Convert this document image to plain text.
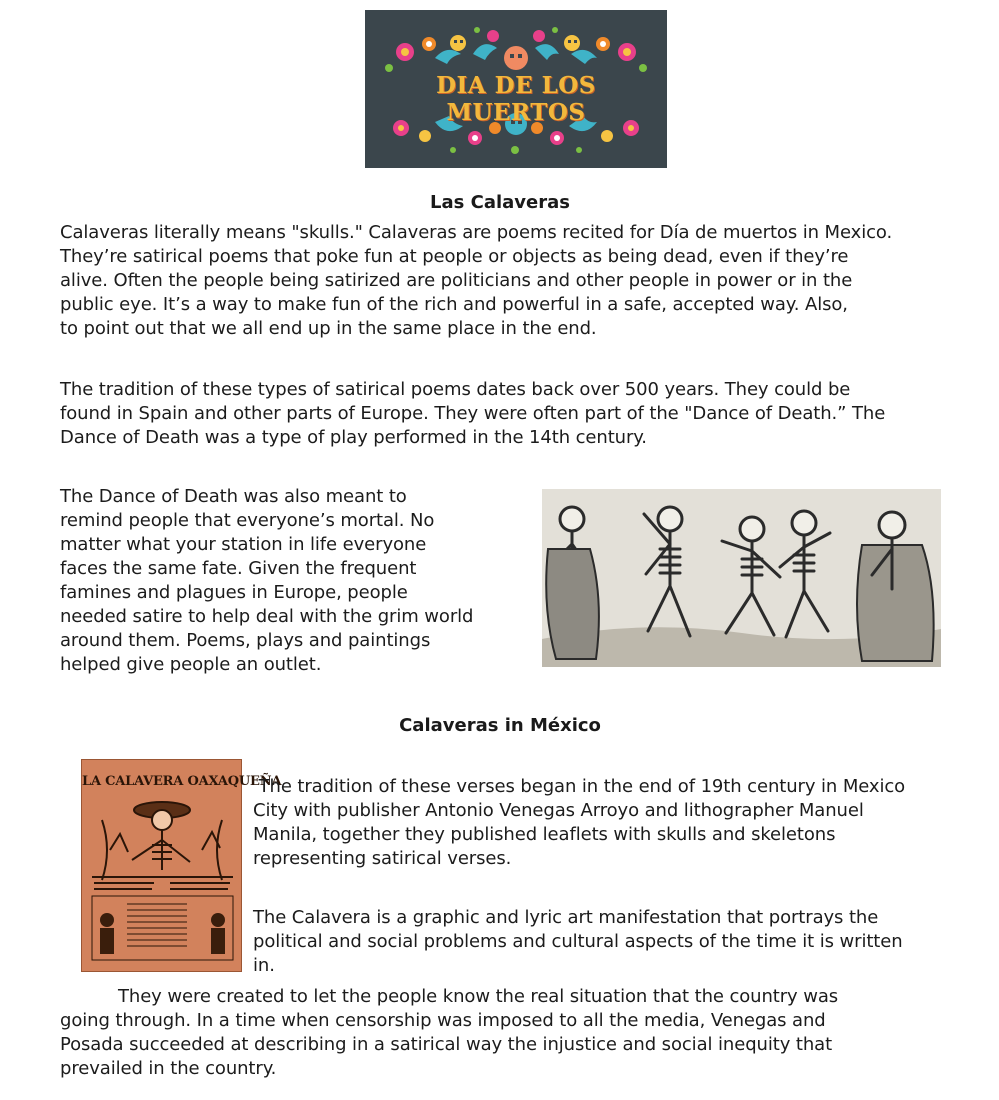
DIA DE LOS MUERTOS
Las Calaveras
Calaveras literally means "skulls." Calaveras are poems recited for Día de muertos in Mexico.
They’re satirical poems that poke fun at people or objects as being dead, even if they’re
alive. Often the people being satirized are politicians and other people in power or in the
public eye. It’s a way to make fun of the rich and powerful in a safe, accepted way. Also,
to point out that we all end up in the same place in the end.
The tradition of these types of satirical poems dates back over 500 years. They could be
found in Spain and other parts of Europe. They were often part of the "Dance of Death.” The
Dance of Death was a type of play performed in the 14th century.
The Dance of Death was also meant to
remind people that everyone’s mortal. No
matter what your station in life everyone
faces the same fate. Given the frequent
famines and plagues in Europe, people
needed satire to help deal with the grim world
around them. Poems, plays and paintings
helped give people an outlet.
Calaveras in México
LA CALAVERA OAXAQUEÑA
The tradition of these verses began in the end of 19th century in Mexico
City with publisher Antonio Venegas Arroyo and lithographer Manuel
Manila, together they published leaflets with skulls and skeletons
representing satirical verses.
The Calavera is a graphic and lyric art manifestation that portrays the
political and social problems and cultural aspects of the time it is written
in.
They were created to let the people know the real situation that the country was
going through. In a time when censorship was imposed to all the media, Venegas and
Posada succeeded at describing in a satirical way the injustice and social inequity that
prevailed in the country.
